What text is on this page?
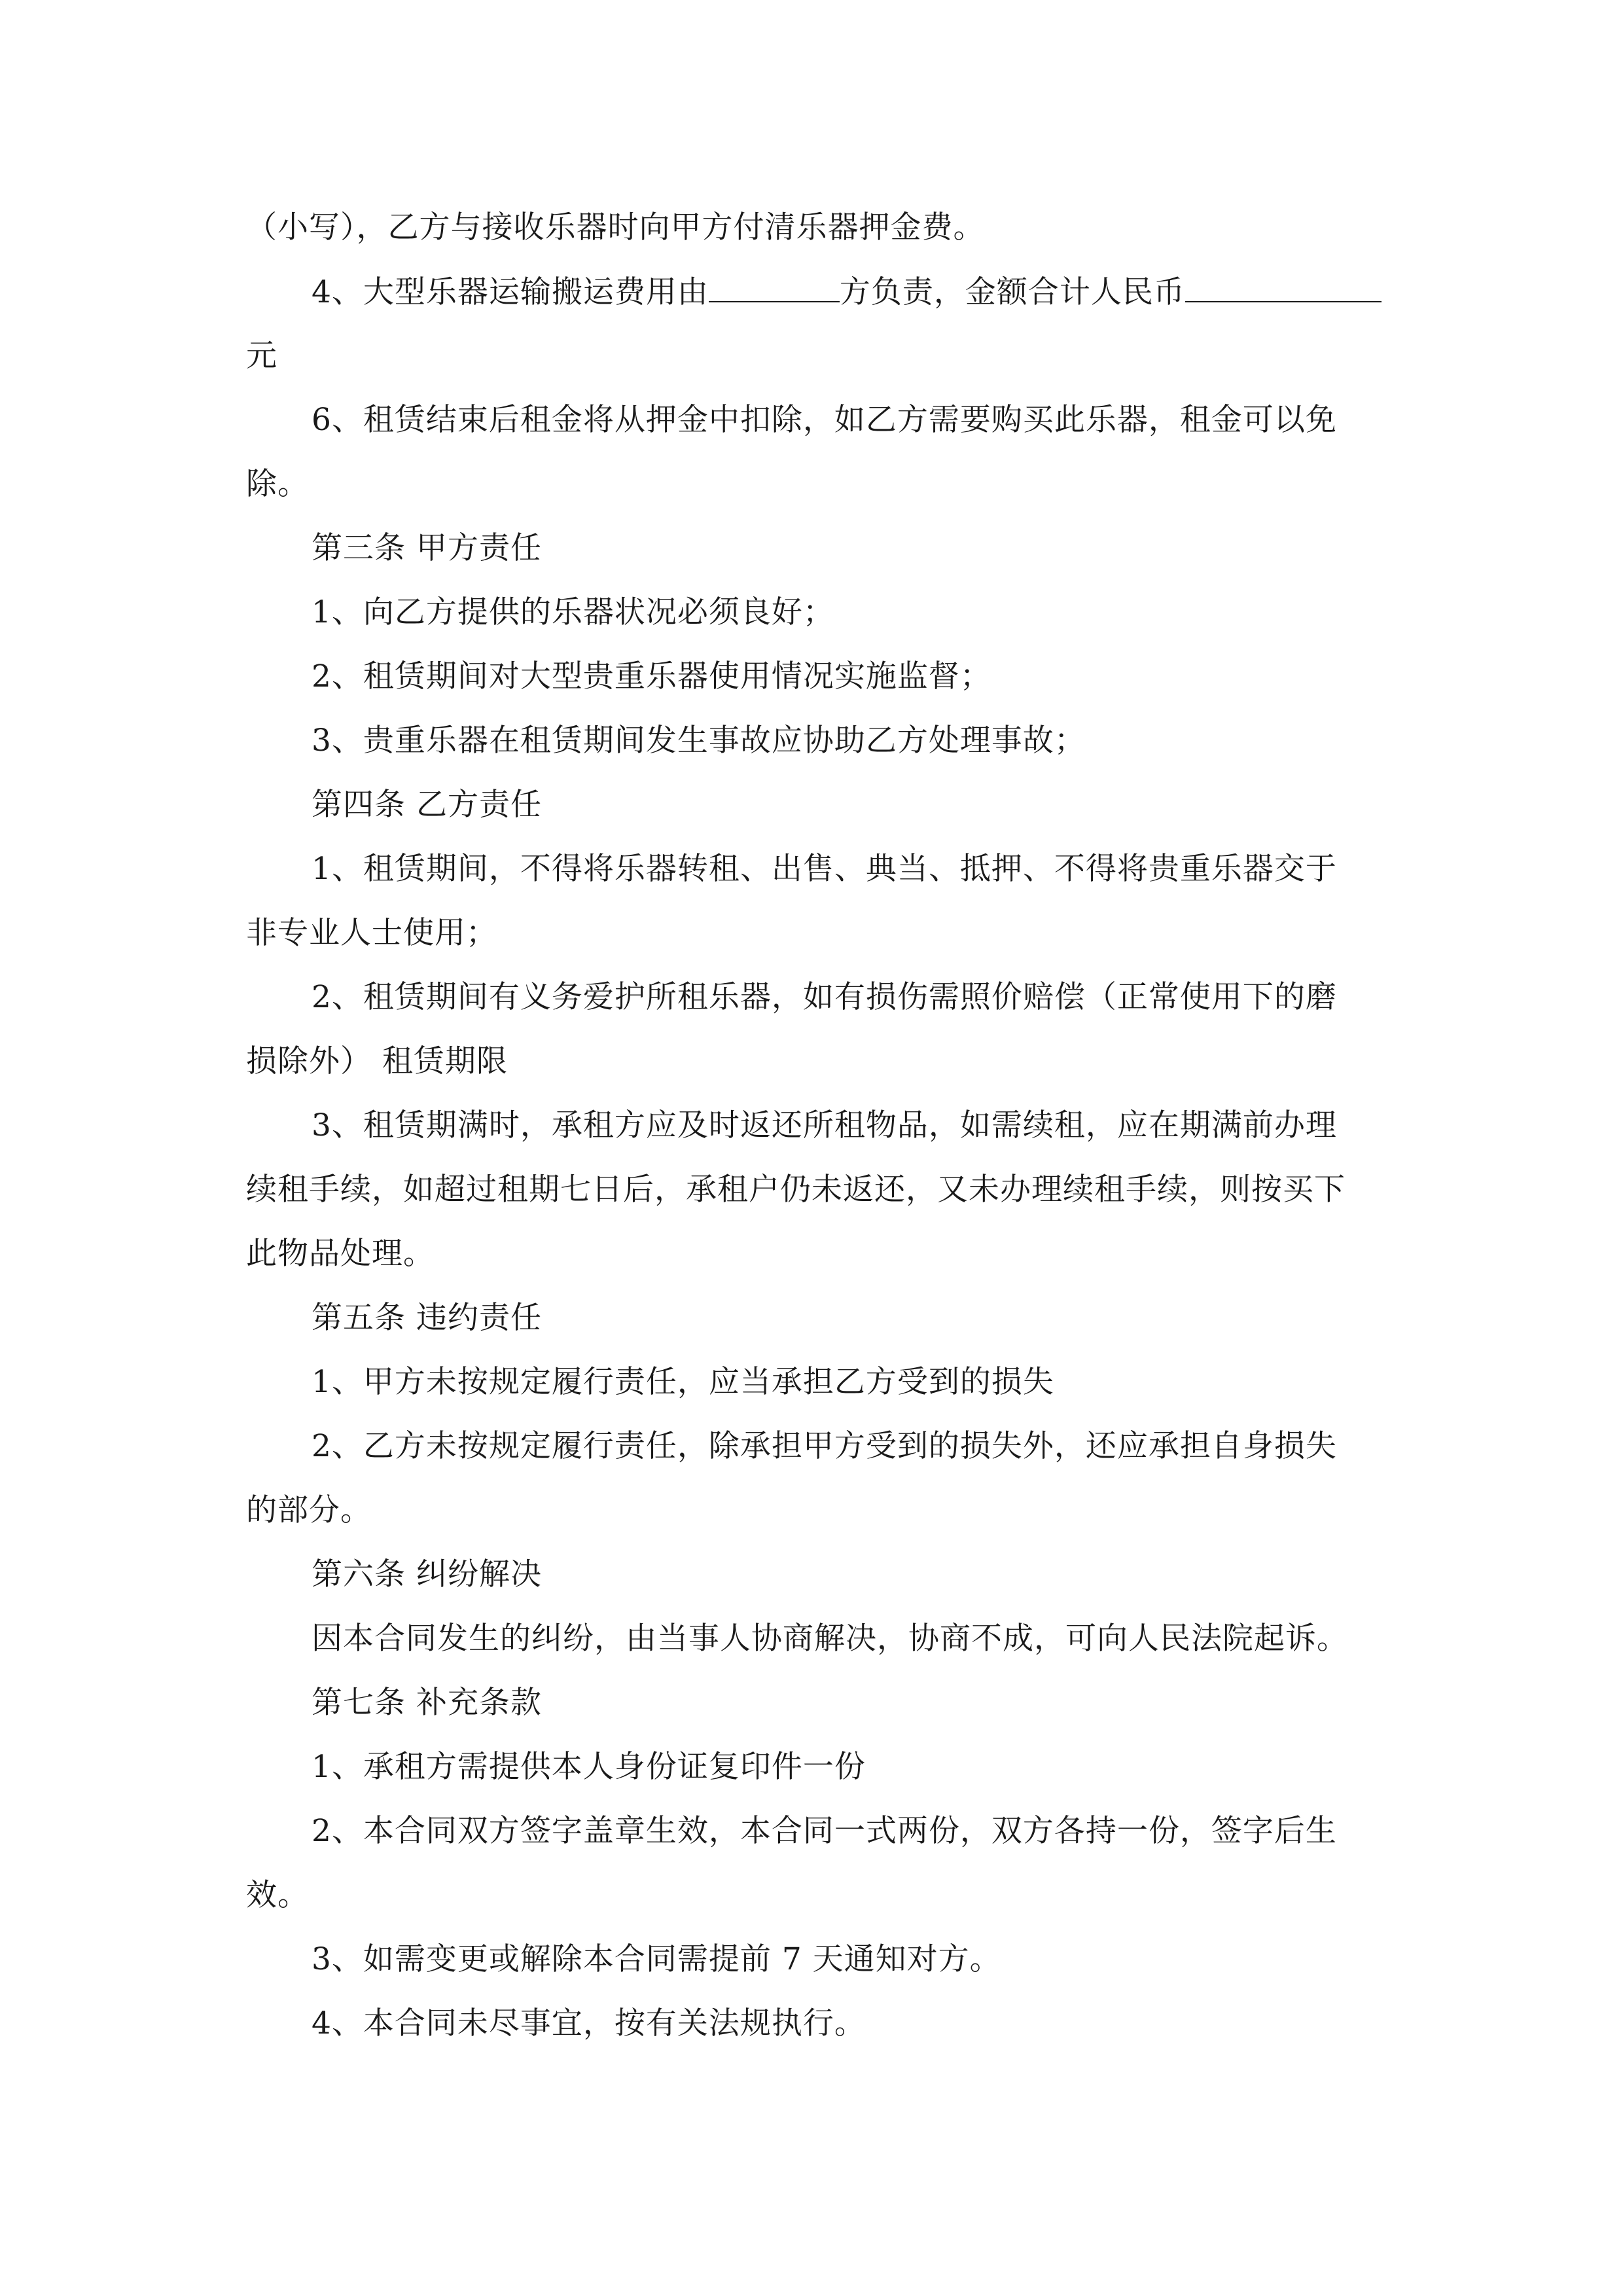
（小写），乙方与接收乐器时向甲方付清乐器押金费。
4、大型乐器运输搬运费用由	方负责，金额合计人民币
元
6、租赁结束后租金将从押金中扣除，如乙方需要购买此乐器，租金可以免
除。
第三条 甲方责任
1、向乙方提供的乐器状况必须良好；
2、租赁期间对大型贵重乐器使用情况实施监督；
3、贵重乐器在租赁期间发生事故应协助乙方处理事故；
第四条 乙方责任
1、租赁期间，不得将乐器转租、出售、典当、抵押、不得将贵重乐器交于
非专业人士使用；
2、租赁期间有义务爱护所租乐器，如有损伤需照价赔偿（正常使用下的磨
损除外） 租赁期限
3、租赁期满时，承租方应及时返还所租物品，如需续租，应在期满前办理
续租手续，如超过租期七日后，承租户仍未返还，又未办理续租手续，则按买下
此物品处理。
第五条 违约责任
1、甲方未按规定履行责任，应当承担乙方受到的损失
2、乙方未按规定履行责任，除承担甲方受到的损失外，还应承担自身损失
的部分。
第六条 纠纷解决
因本合同发生的纠纷，由当事人协商解决，协商不成，可向人民法院起诉。
第七条 补充条款
1、承租方需提供本人身份证复印件一份
2、本合同双方签字盖章生效，本合同一式两份，双方各持一份，签字后生
效。
3、如需变更或解除本合同需提前 7 天通知对方。
4、本合同未尽事宜，按有关法规执行。
